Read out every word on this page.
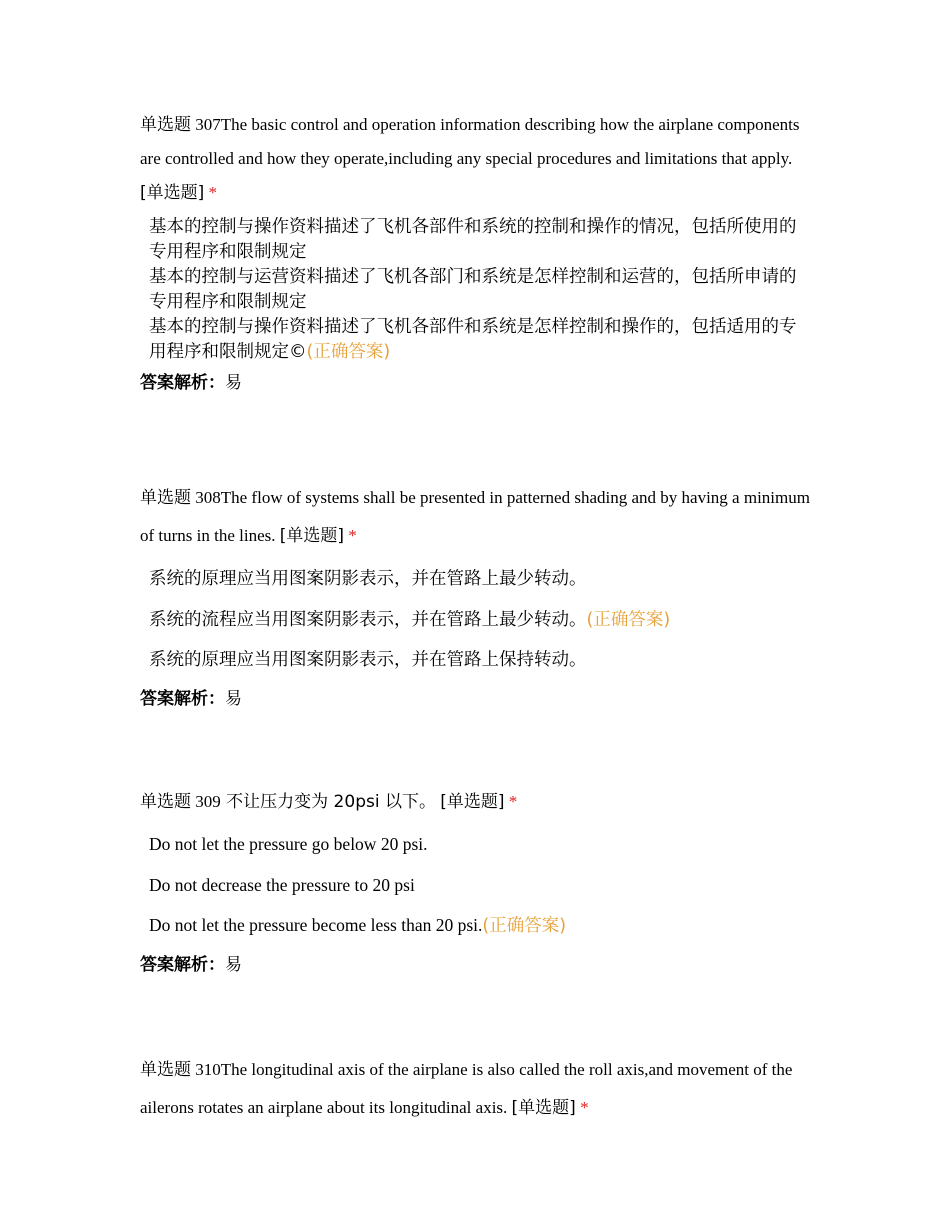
单选题 307The basic control and operation information describing how the airplane components are controlled and how they operate,including any special procedures and limitations that apply. [单选题] *

基本的控制与操作资料描述了飞机各部件和系统的控制和操作的情况，包括所使用的专用程序和限制规定

基本的控制与运营资料描述了飞机各部门和系统是怎样控制和运营的，包括所申请的专用程序和限制规定

基本的控制与操作资料描述了飞机各部件和系统是怎样控制和操作的，包括适用的专用程序和限制规定©(正确答案)

答案解析：易

单选题 308The flow of systems shall be presented in patterned shading and by having a minimum of turns in the lines. [单选题] *

系统的原理应当用图案阴影表示，并在管路上最少转动。

系统的流程应当用图案阴影表示，并在管路上最少转动。(正确答案)

系统的原理应当用图案阴影表示，并在管路上保持转动。

答案解析：易

单选题 309 不让压力变为 20psi 以下。 [单选题] *

Do not let the pressure go below 20 psi.

Do not decrease the pressure to 20 psi

Do not let the pressure become less than 20 psi.(正确答案)

答案解析：易

单选题 310The longitudinal axis of the airplane is also called the roll axis,and movement of the ailerons rotates an airplane about its longitudinal axis. [单选题] *
